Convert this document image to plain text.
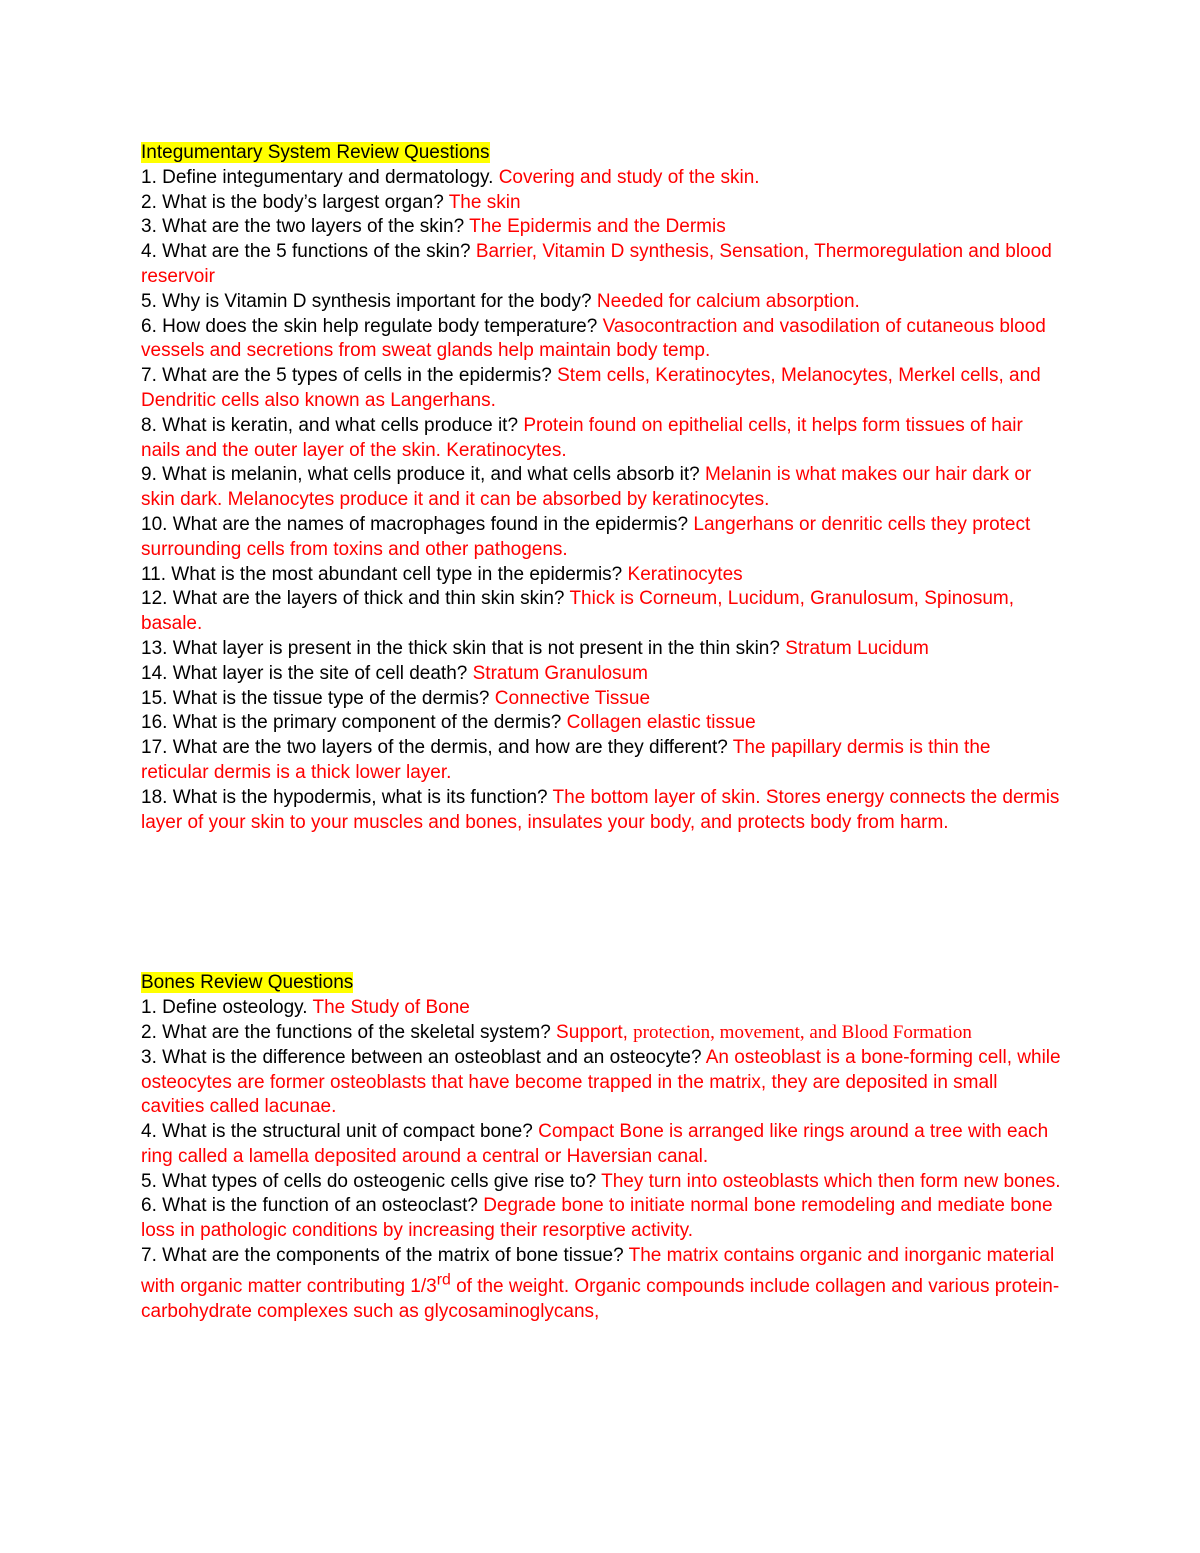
Integumentary System Review Questions

1. Define integumentary and dermatology. Covering and study of the skin.

2. What is the body’s largest organ? The skin

3. What are the two layers of the skin? The Epidermis and the Dermis

4. What are the 5 functions of the skin? Barrier, Vitamin D synthesis, Sensation, Thermoregulation and blood reservoir

5. Why is Vitamin D synthesis important for the body? Needed for calcium absorption.

6. How does the skin help regulate body temperature? Vasocontraction and vasodilation of cutaneous blood vessels and secretions from sweat glands help maintain body temp.

7. What are the 5 types of cells in the epidermis? Stem cells, Keratinocytes, Melanocytes, Merkel cells, and Dendritic cells also known as Langerhans.

8. What is keratin, and what cells produce it? Protein found on epithelial cells, it helps form tissues of hair nails and the outer layer of the skin. Keratinocytes.

9. What is melanin, what cells produce it, and what cells absorb it? Melanin is what makes our hair dark or skin dark. Melanocytes produce it and it can be absorbed by keratinocytes.

10. What are the names of macrophages found in the epidermis? Langerhans or denritic cells they protect surrounding cells from toxins and other pathogens.

11. What is the most abundant cell type in the epidermis? Keratinocytes

12. What are the layers of thick and thin skin skin? Thick is Corneum, Lucidum, Granulosum, Spinosum, basale.

13. What layer is present in the thick skin that is not present in the thin skin? Stratum Lucidum

14. What layer is the site of cell death? Stratum Granulosum

15. What is the tissue type of the dermis? Connective Tissue

16. What is the primary component of the dermis? Collagen elastic tissue

17. What are the two layers of the dermis, and how are they different? The papillary dermis is thin the reticular dermis is a thick lower layer.

18. What is the hypodermis, what is its function? The bottom layer of skin. Stores energy connects the dermis layer of your skin to your muscles and bones, insulates your body, and protects body from harm.

Bones Review Questions

1. Define osteology. The Study of Bone

2. What are the functions of the skeletal system? Support, protection, movement, and Blood Formation

3. What is the difference between an osteoblast and an osteocyte? An osteoblast is a bone-forming cell, while osteocytes are former osteoblasts that have become trapped in the matrix, they are deposited in small cavities called lacunae.

4. What is the structural unit of compact bone? Compact Bone is arranged like rings around a tree with each ring called a lamella deposited around a central or Haversian canal.

5. What types of cells do osteogenic cells give rise to? They turn into osteoblasts which then form new bones.

6. What is the function of an osteoclast? Degrade bone to initiate normal bone remodeling and mediate bone loss in pathologic conditions by increasing their resorptive activity.

7. What are the components of the matrix of bone tissue? The matrix contains organic and inorganic material with organic matter contributing 1/3rd of the weight. Organic compounds include collagen and various protein-carbohydrate complexes such as glycosaminoglycans,
